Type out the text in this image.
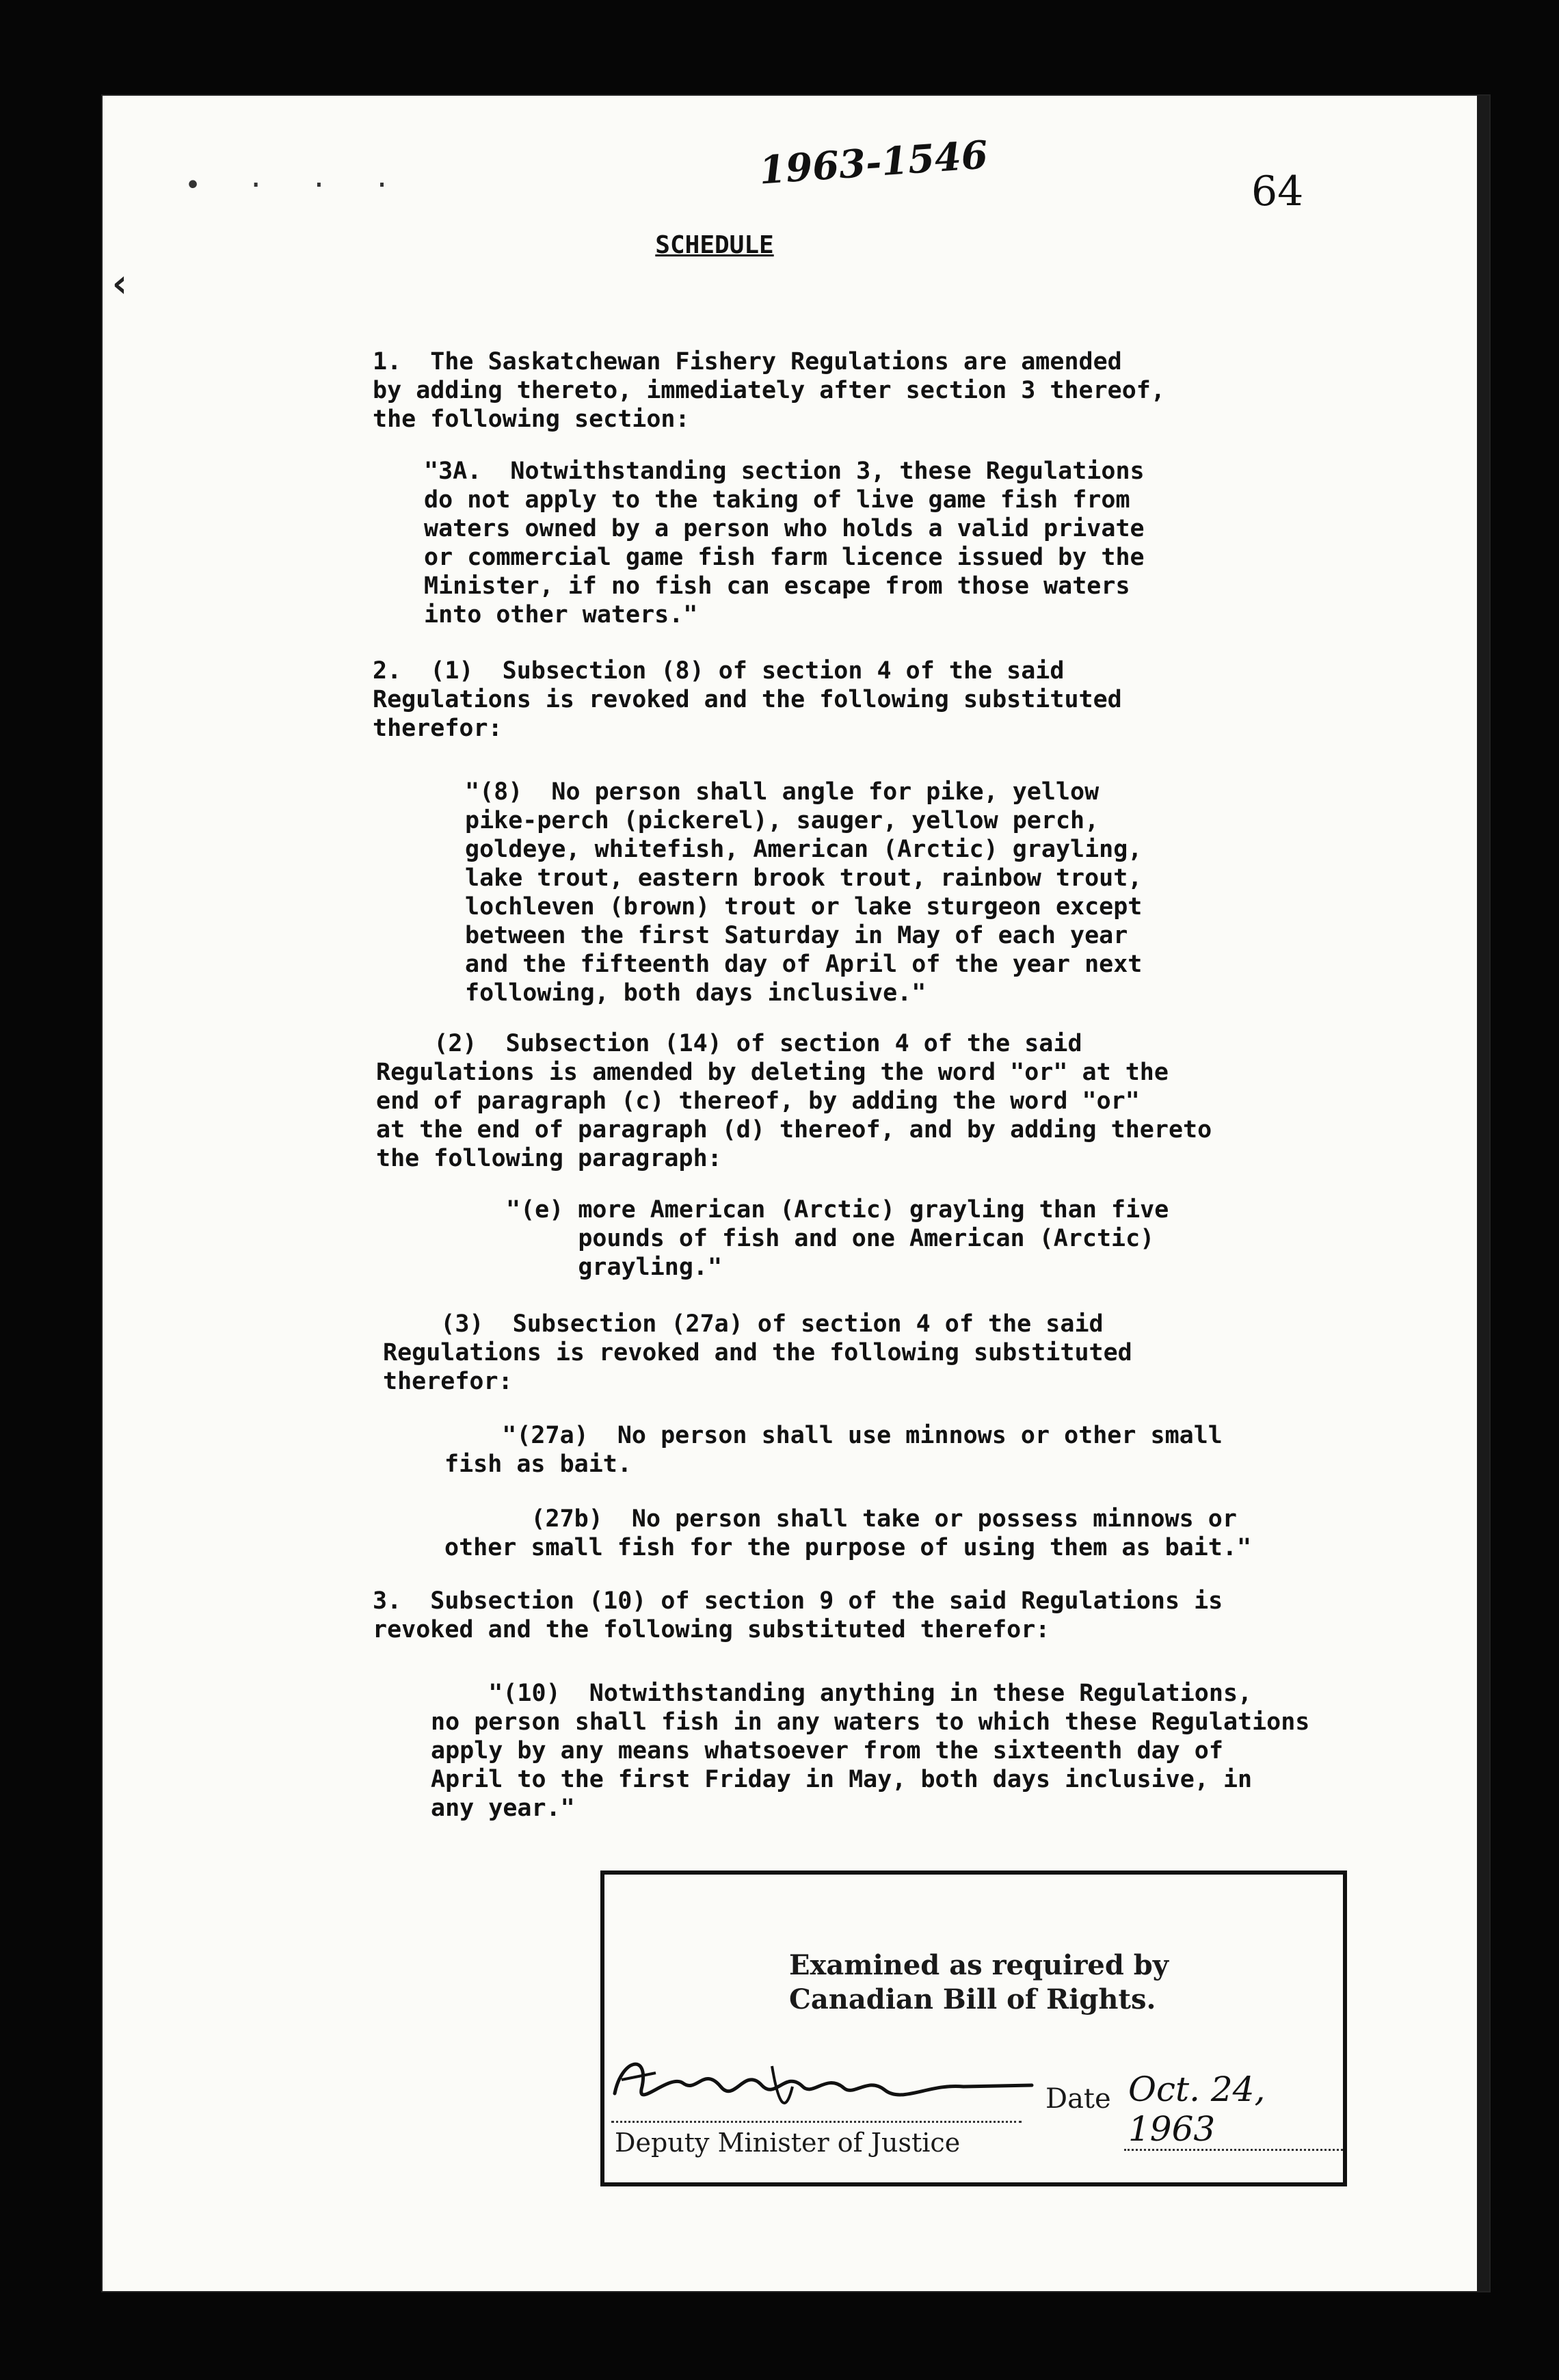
• · · ·	1963-1546	64
‹
SCHEDULE
1.  The Saskatchewan Fishery Regulations are amended
by adding thereto, immediately after section 3 thereof,
the following section:
"3A.  Notwithstanding section 3, these Regulations
do not apply to the taking of live game fish from
waters owned by a person who holds a valid private
or commercial game fish farm licence issued by the
Minister, if no fish can escape from those waters
into other waters."
2.  (1)  Subsection (8) of section 4 of the said
Regulations is revoked and the following substituted
therefor:
"(8)  No person shall angle for pike, yellow
pike-perch (pickerel), sauger, yellow perch,
goldeye, whitefish, American (Arctic) grayling,
lake trout, eastern brook trout, rainbow trout,
lochleven (brown) trout or lake sturgeon except
between the first Saturday in May of each year
and the fifteenth day of April of the year next
following, both days inclusive."
(2)  Subsection (14) of section 4 of the said
Regulations is amended by deleting the word "or" at the
end of paragraph (c) thereof, by adding the word "or"
at the end of paragraph (d) thereof, and by adding thereto
the following paragraph:
"(e) more American (Arctic) grayling than five
pounds of fish and one American (Arctic)
grayling."
(3)  Subsection (27a) of section 4 of the said
Regulations is revoked and the following substituted
therefor:
"(27a)  No person shall use minnows or other small
fish as bait.
(27b)  No person shall take or possess minnows or
other small fish for the purpose of using them as bait."
3.  Subsection (10) of section 9 of the said Regulations is
revoked and the following substituted therefor:
"(10)  Notwithstanding anything in these Regulations,
no person shall fish in any waters to which these Regulations
apply by any means whatsoever from the sixteenth day of
April to the first Friday in May, both days inclusive, in
any year."
Examined as required by
Canadian Bill of Rights.
Date Oct. 24, 1963
Deputy Minister of Justice
